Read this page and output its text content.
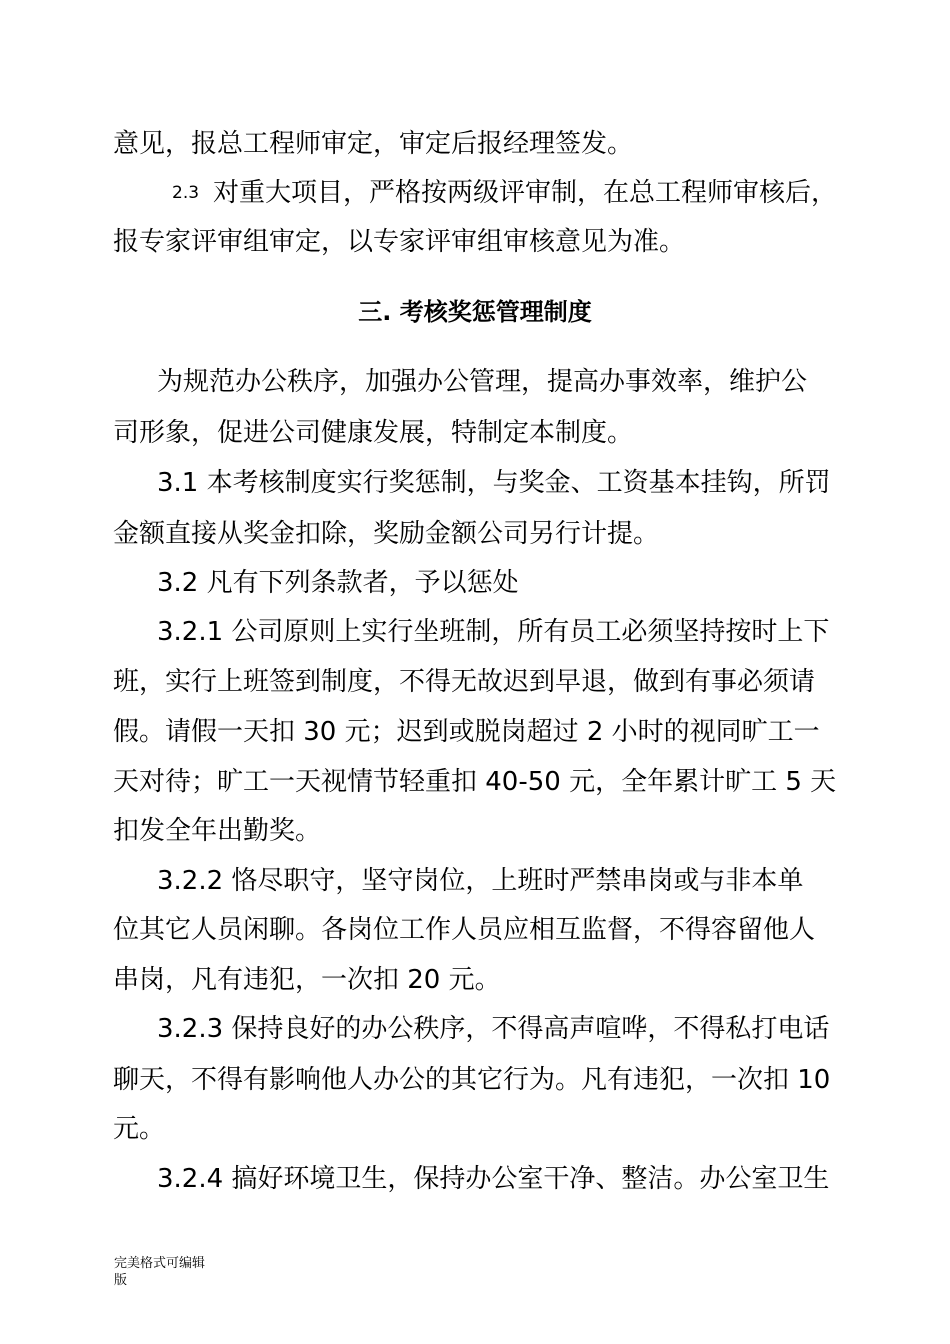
意见，报总工程师审定，审定后报经理签发。
2.3 对重大项目，严格按两级评审制，在总工程师审核后，
报专家评审组审定，以专家评审组审核意见为准。
三. 考核奖惩管理制度
为规范办公秩序，加强办公管理，提高办事效率，维护公
司形象，促进公司健康发展，特制定本制度。
3.1 本考核制度实行奖惩制，与奖金、工资基本挂钩，所罚
金额直接从奖金扣除，奖励金额公司另行计提。
3.2 凡有下列条款者，予以惩处
3.2.1 公司原则上实行坐班制，所有员工必须坚持按时上下
班，实行上班签到制度，不得无故迟到早退，做到有事必须请
假。请假一天扣 30 元；迟到或脱岗超过 2 小时的视同旷工一
天对待；旷工一天视情节轻重扣 40-50 元，全年累计旷工 5 天
扣发全年出勤奖。
3.2.2 恪尽职守，坚守岗位，上班时严禁串岗或与非本单
位其它人员闲聊。各岗位工作人员应相互监督，不得容留他人
串岗，凡有违犯，一次扣 20 元。
3.2.3 保持良好的办公秩序，不得高声喧哗，不得私打电话
聊天，不得有影响他人办公的其它行为。凡有违犯，一次扣 10
元。
3.2.4 搞好环境卫生，保持办公室干净、整洁。办公室卫生
完美格式可编辑
版
